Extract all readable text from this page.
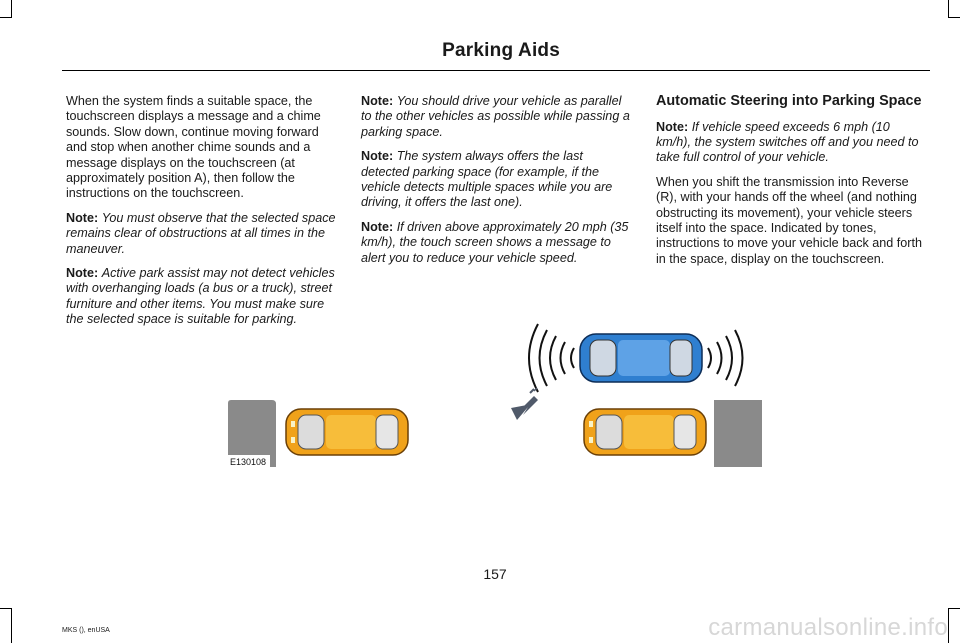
Parking Aids

When the system finds a suitable space, the touchscreen displays a message and a chime sounds. Slow down, continue moving forward and stop when another chime sounds and a message displays on the touchscreen (at approximately position A), then follow the instructions on the touchscreen.

Note: You must observe that the selected space remains clear of obstructions at all times in the maneuver.

Note: Active park assist may not detect vehicles with overhanging loads (a bus or a truck), street furniture and other items. You must make sure the selected space is suitable for parking.

Note: You should drive your vehicle as parallel to the other vehicles as possible while passing a parking space.

Note: The system always offers the last detected parking space (for example, if the vehicle detects multiple spaces while you are driving, it offers the last one).

Note: If driven above approximately 20 mph (35 km/h), the touch screen shows a message to alert you to reduce your vehicle speed.

Automatic Steering into Parking Space

Note: If vehicle speed exceeds 6 mph (10 km/h), the system switches off and you need to take full control of your vehicle.

When you shift the transmission into Reverse (R), with your hands off the wheel (and nothing obstructing its movement), your vehicle steers itself into the space. Indicated by tones, instructions to move your vehicle back and forth in the space, display on the touchscreen.

E130108
157
MKS (), enUSA	carmanualsonline.info
